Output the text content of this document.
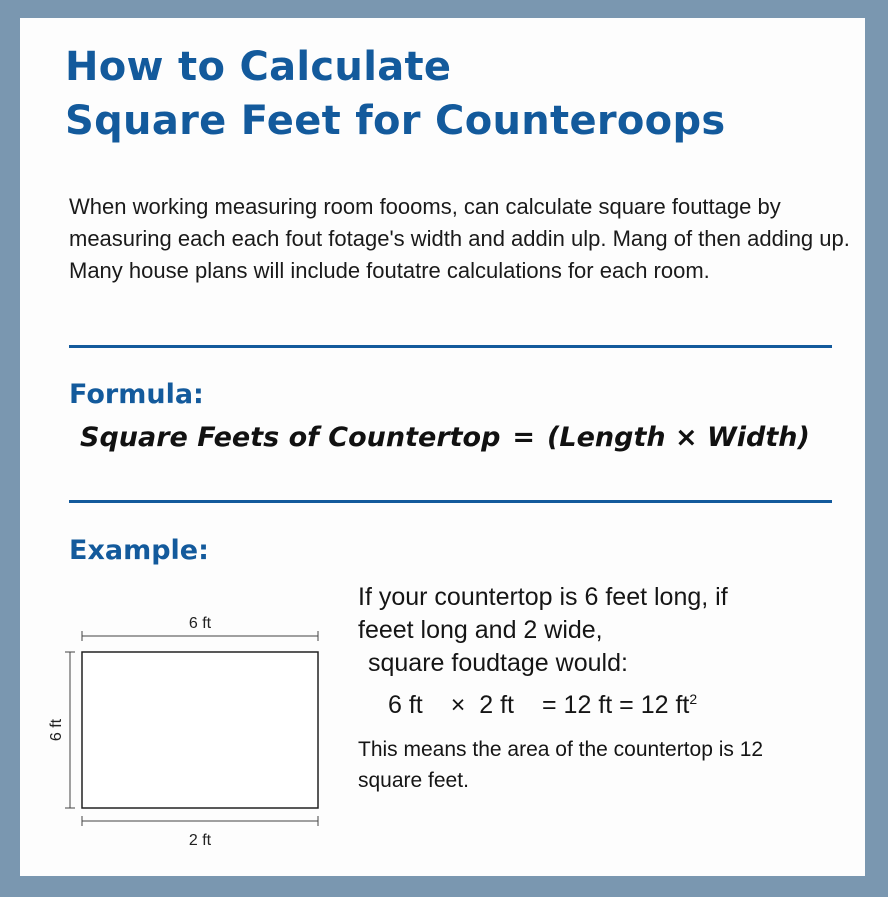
How to Calculate
Square Feet for Counteroops

When working measuring room foooms, can calculate square fouttage by measuring each each fout fotage's width and addin ulp. Mang of then adding up. Many house plans will include foutatre calculations for each room.

Formula:
Square Feets of Countertop = (Length × Width)
Example:
6 ft
2 ft
6 ft
If your countertop is 6 feet long, if
feeet long and 2 wide,
square foudtage would:
6 ft × 2 ft = 12 ft = 12 $ft^2$
This means the area of the countertop is 12 square feet.
